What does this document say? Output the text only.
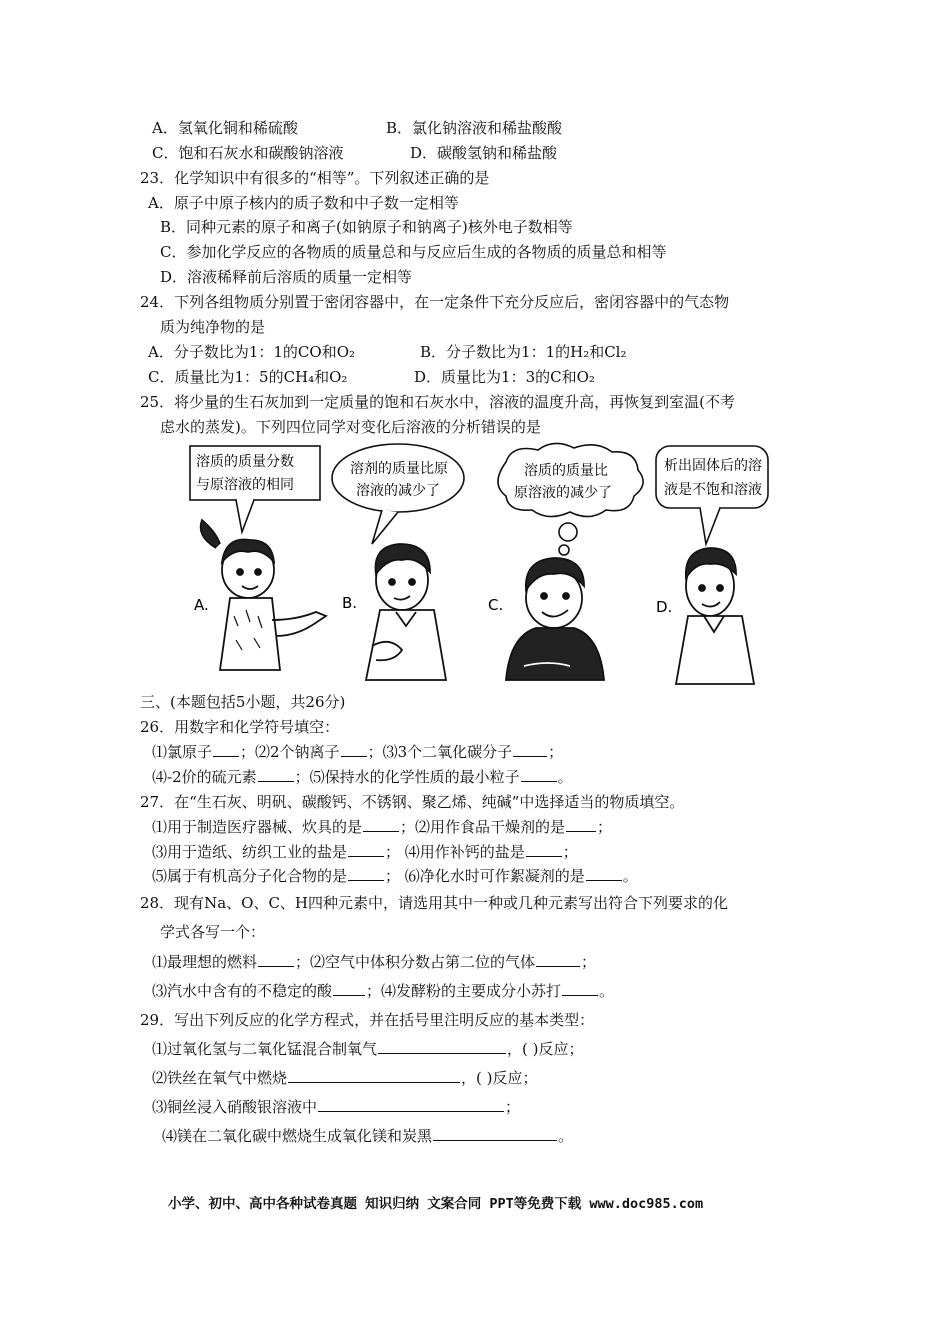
A．氢氧化铜和稀硫酸	B．氯化钠溶液和稀盐酸酸
C．饱和石灰水和碳酸钠溶液	D．碳酸氢钠和稀盐酸
23．化学知识中有很多的“相等”。下列叙述正确的是
A．原子中原子核内的质子数和中子数一定相等
B．同种元素的原子和离子(如钠原子和钠离子)核外电子数相等
C．参加化学反应的各物质的质量总和与反应后生成的各物质的质量总和相等
D．溶液稀释前后溶质的质量一定相等
24．下列各组物质分别置于密闭容器中，在一定条件下充分反应后，密闭容器中的气态物
质为纯净物的是
A．分子数比为1：1的CO和O₂	B．分子数比为1：1的H₂和Cl₂
C．质量比为1：5的CH₄和O₂	D．质量比为1：3的C和O₂
25．将少量的生石灰加到一定质量的饱和石灰水中，溶液的温度升高，再恢复到室温(不考
虑水的蒸发)。下列四位同学对变化后溶液的分析错误的是
溶质的质量分数
与原溶液的相同
溶剂的质量比原
溶液的减少了
溶质的质量比
原溶液的减少了
析出固体后的溶
液是不饱和溶液
A.	B.	C.	D.
三、(本题包括5小题，共26分)
26．用数字和化学符号填空：
⑴氯原子 ；⑵2个钠离子 ；⑶3个二氧化碳分子 ；
⑷-2价的硫元素	；⑸保持水的化学性质的最小粒子	。
27．在“生石灰、明矾、碳酸钙、不锈钢、聚乙烯、纯碱”中选择适当的物质填空。
⑴用于制造医疗器械、炊具的是	；⑵用作食品干燥剂的是 ；
⑶用于造纸、纺织工业的盐是	； ⑷用作补钙的盐是	；
⑸属于有机高分子化合物的是	； ⑹净化水时可作絮凝剂的是	。
28．现有Na、O、C、H四种元素中，请选用其中一种或几种元素写出符合下列要求的化
学式各写一个：
⑴最理想的燃料	；⑵空气中体积分数占第二位的气体	；
⑶汽水中含有的不稳定的酸 ；⑷发酵粉的主要成分小苏打	。
29．写出下列反应的化学方程式，并在括号里注明反应的基本类型：
⑴过氧化氢与二氧化锰混合制氧气	，( )反应；
⑵铁丝在氧气中燃烧	，( )反应；
⑶铜丝浸入硝酸银溶液中	；
⑷镁在二氧化碳中燃烧生成氧化镁和炭黑	。
小学、初中、高中各种试卷真题 知识归纳 文案合同 PPT等免费下载 www.doc985.com
